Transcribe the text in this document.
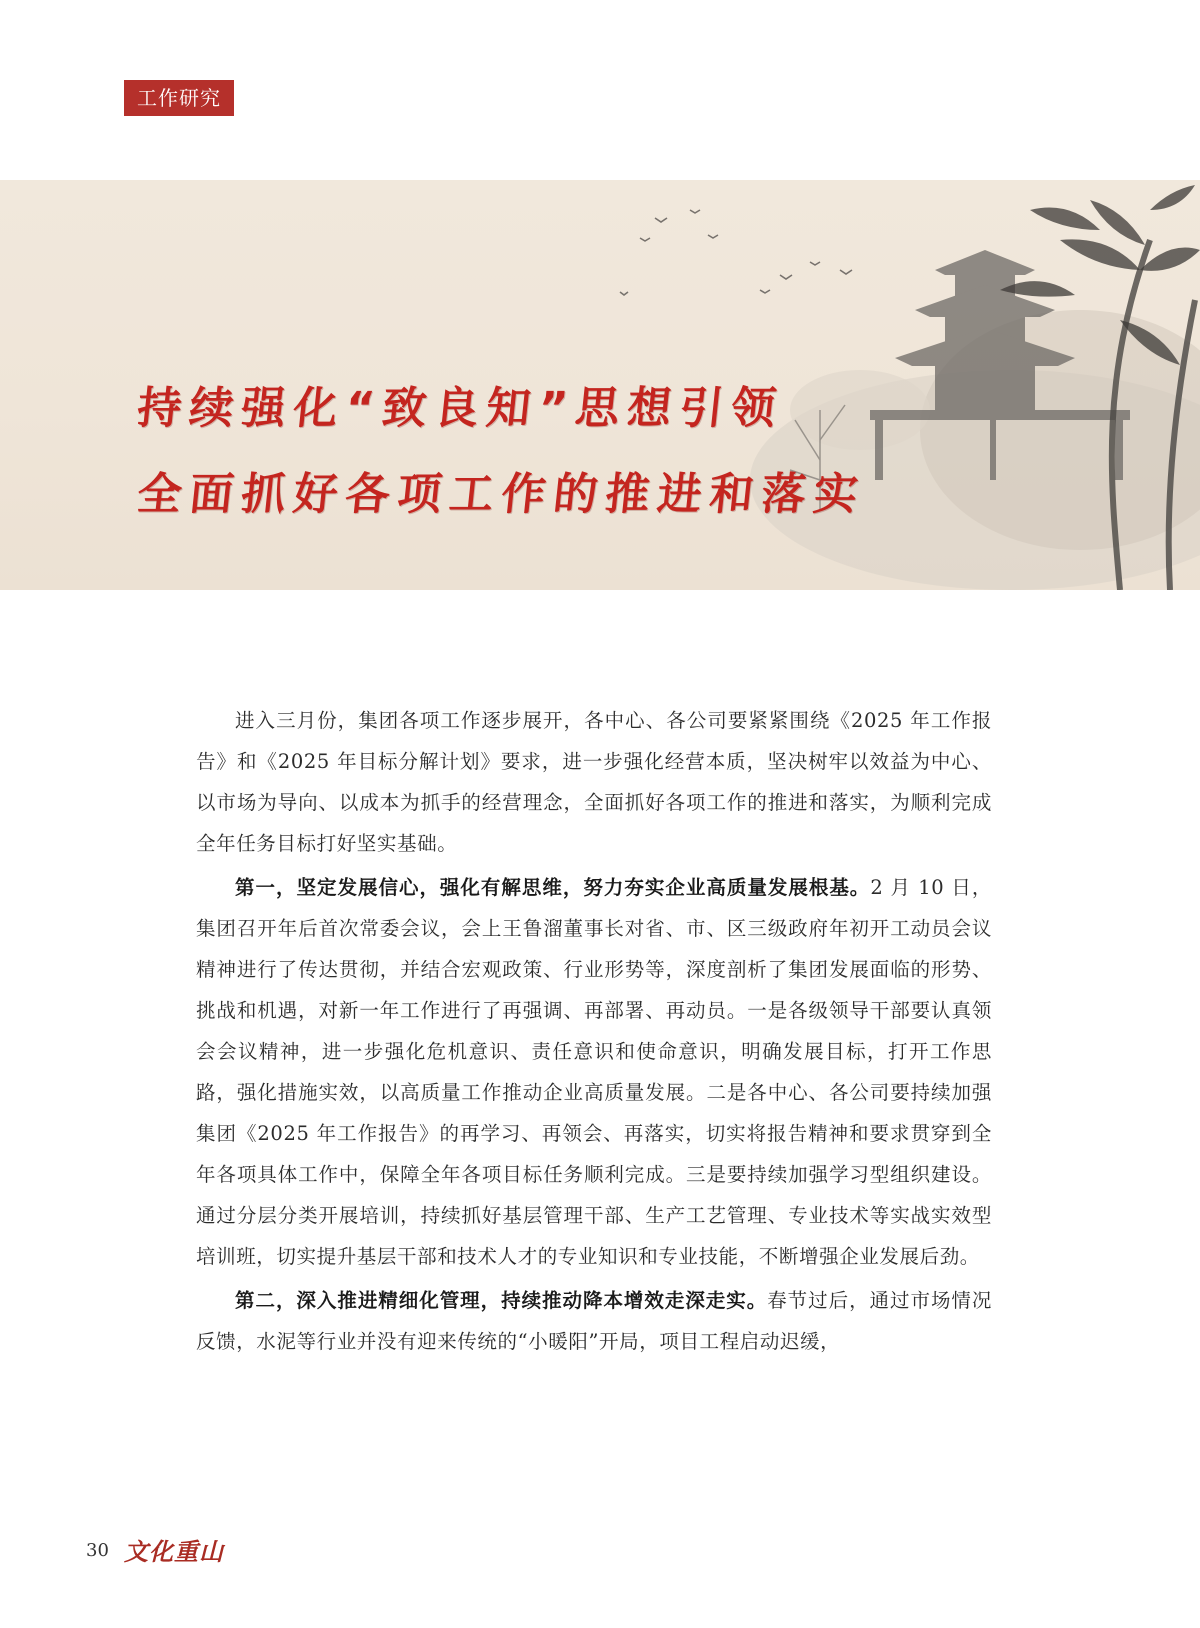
工作研究
持续强化“致良知”思想引领
全面抓好各项工作的推进和落实

进入三月份，集团各项工作逐步展开，各中心、各公司要紧紧围绕《2025 年工作报告》和《2025 年目标分解计划》要求，进一步强化经营本质，坚决树牢以效益为中心、以市场为导向、以成本为抓手的经营理念，全面抓好各项工作的推进和落实，为顺利完成全年任务目标打好坚实基础。

第一，坚定发展信心，强化有解思维，努力夯实企业高质量发展根基。2 月 10 日，集团召开年后首次常委会议，会上王鲁溜董事长对省、市、区三级政府年初开工动员会议精神进行了传达贯彻，并结合宏观政策、行业形势等，深度剖析了集团发展面临的形势、挑战和机遇，对新一年工作进行了再强调、再部署、再动员。一是各级领导干部要认真领会会议精神，进一步强化危机意识、责任意识和使命意识，明确发展目标，打开工作思路，强化措施实效，以高质量工作推动企业高质量发展。二是各中心、各公司要持续加强集团《2025 年工作报告》的再学习、再领会、再落实，切实将报告精神和要求贯穿到全年各项具体工作中，保障全年各项目标任务顺利完成。三是要持续加强学习型组织建设。通过分层分类开展培训，持续抓好基层管理干部、生产工艺管理、专业技术等实战实效型培训班，切实提升基层干部和技术人才的专业知识和专业技能，不断增强企业发展后劲。

第二，深入推进精细化管理，持续推动降本增效走深走实。春节过后，通过市场情况反馈，水泥等行业并没有迎来传统的“小暖阳”开局，项目工程启动迟缓，

30 文化重山
